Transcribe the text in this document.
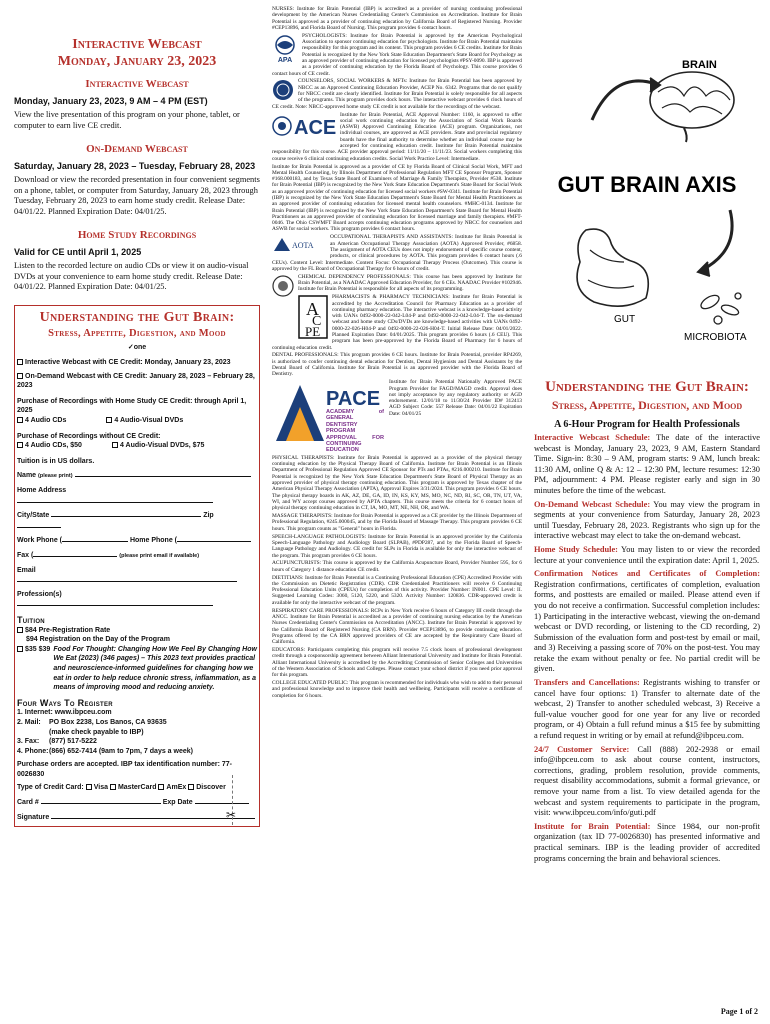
Interactive Webcast
Monday, January 23, 2023
Interactive Webcast
Monday, January 23, 2023, 9 AM – 4 PM (EST)
View the live presentation of this program on your phone, tablet, or computer to earn live CE credit.
On-Demand Webcast
Saturday, January 28, 2023 – Tuesday, February 28, 2023
Download or view the recorded presentation in four convenient segments on a phone, tablet, or computer from Saturday, January 28, 2023 through Tuesday, February 28, 2023 to earn home study credit. Release Date: 04/01/22. Planned Expiration Date: 04/01/25.
Home Study Recordings
Valid for CE until April 1, 2025
Listen to the recorded lecture on audio CDs or view it on audio-visual DVDs at your convenience to earn home study credit. Release Date: 04/01/22. Planned Expiration Date: 04/01/25.
Understanding the Gut Brain:
Stress, Appetite, Digestion, and Mood
✓one
Interactive Webcast with CE Credit: Monday, January 23, 2023
On-Demand Webcast with CE Credit: January 28, 2023 – February 28, 2023
Purchase of Recordings with Home Study CE Credit: through April 1, 2025
4 Audio CDs	4 Audio-Visual DVDs
Purchase of Recordings without CE Credit:
4 Audio CDs, $50	4 Audio-Visual DVDs, $75
Tuition is in US dollars.
Name (please print)
Home Address
City/State	Zip
Work Phone (	Home Phone (
Fax (	(please print email if available)
Email
Profession(s)
Tuition
$84 Pre-Registration Rate
$94 Registration on the Day of the Program
$35 $39 Food For Thought: Changing How We Feel By Changing How We Eat (2023) (346 pages) – This 2023 text provides practical and neuroscience-informed guidelines for changing how we eat in order to help reduce chronic stress, inflammation, as a means of improving mood and reducing anxiety.
Four Ways To Register
1. Internet: www.ibpceu.com
2. Mail: PO Box 2238, Los Banos, CA 93635
(make check payable to IBP)
3. Fax: (877) 517-5222
4. Phone:(866) 652-7414 (9am to 7pm, 7 days a week)
Purchase orders are accepted. IBP tax identification number: 77-0026830
Type of Credit Card: Visa MasterCard AmEx Discover
Card #	Exp Date
Signature	✂
NURSES: Institute for Brain Potential (IBP) is accredited as a provider of nursing continuing professional development by the American Nurses Credentialing Center's Commission on Accreditation. Institute for Brain Potential is approved as a provider of continuing education by California Board of Registered Nursing. Provider #CEP13896, and Florida Board of Nursing. This program provides 6 contact hours.
APA
PSYCHOLOGISTS: Institute for Brain Potential is approved by the American Psychological Association to sponsor continuing education for psychologists. Institute for Brain Potential maintains responsibility for this program and its content. This program provides 6 CE credits. Institute for Brain Potential is recognized by the New York State Education Department's State Board for Psychology as an approved provider of continuing education for licensed psychologists #PSY-0090. IBP is approved as a provider of continuing education by the Florida Board of Psychology. This course provides 6 contact hours of CE credit.
COUNSELORS, SOCIAL WORKERS & MFTs: Institute for Brain Potential has been approved by NBCC as an Approved Continuing Education Provider, ACEP No. 6342. Programs that do not qualify for NBCC credit are clearly identified. Institute for Brain Potential is solely responsible for all aspects of the programs. This program provides dock hours. The interactive webcast provides 6 clock hours of CE credit. Note: NBCC-approved home study CE credit is not available for the recordings of the webcast.
ACE
Institute for Brain Potential, ACE Approval Number: 1160, is approved to offer social work continuing education by the Association of Social Work Boards (ASWB) Approved Continuing Education (ACE) program. Organizations, not individual courses, are approved as ACE providers. State and provincial regulatory boards have the final authority to determine whether an individual course may be accepted for continuing education credit. Institute for Brain Potential maintains responsibility for this course. ACE provider approval period: 11/11/20 – 11/11/23. Social workers completing this course receive 6 clinical continuing education credits. Social Work Practice Level: Intermediate.
Institute for Brain Potential is approved as a provider of CE by Florida Board of Clinical Social Work, MFT and Mental Health Counseling, by Illinois Department of Professional Regulation MFT CE Sponsor Program, Sponsor #168.000183, and by Texas State Board of Examiners of Marriage & Family Therapists, Provider #538. Institute for Brain Potential (IBP) is recognized by the New York State Education Department's State Board for Social Work as an approved provider of continuing education for licensed social workers #SW-0341. Institute for Brain Potential (IBP) is recognized by the New York State Education Department's State Board for Mental Health Practitioners as an approved provider of continuing education for licensed mental health counselors. #MHC-0134. Institute for Brain Potential (IBP) is recognized by the New York State Education Department's State Board for Mental Health Practitioners as an approved provider of continuing education for licensed marriage and family therapists. #MFT-0046. The Ohio CSWMFT Board accepts continuing education programs approved by NBCC for counselors and ASWB for social workers. This program provides 6 contact hours.
AOTA
OCCUPATIONAL THERAPISTS AND ASSISTANTS: Institute for Brain Potential is an American Occupational Therapy Association (AOTA) Approved Provider, #6858. The assignment of AOTA CEUs does not imply endorsement of specific course content, products, or clinical procedures by AOTA. This program provides 6 contact hours (.6 CEUs). Content Level: Intermediate. Content Focus: Occupational Therapy Process (Outcomes). This course is approved by the FL Board of Occupational Therapy for 6 hours of credit.
CHEMICAL DEPENDENCY PROFESSIONALS: This course has been approved by Institute for Brain Potential, as a NAADAC Approved Education Provider, for 6 CEs. NAADAC Provider #102946. Institute for Brain Potential is responsible for all aspects of its programming.
A
C
PE
PHARMACISTS & PHARMACY TECHNICIANS: Institute for Brain Potential is accredited by the Accreditation Council for Pharmacy Education as a provider of continuing pharmacy education. The interactive webcast is a knowledge-based activity with UANs 0492-0000-22-042-L04-P and 0492-0000-22-042-L04-T. The on-demand webcast and home study CDs/DVDs are knowledge-based activities with UANs 0492-0000-22-026-H04-P and 0492-0000-22-026-H04-T. Initial Release Date: 04/01/2022. Planned Expiration Date: 04/01/2025. This program provides 6 hours (.6 CEU). This program has been pre-approved by the Florida Board of Pharmacy for 6 hours of continuing education credit.
DENTAL PROFESSIONALS: This program provides 6 CE hours. Institute for Brain Potential, provider RP4269, is authorized to confer continuing dental education for Dentists, Dental Hygienists and Dental Assistants by the Dental Board of California. Institute for Brain Potential is an approved provider with the Florida Board of Dentistry.
PACE
ACADEMY of GENERAL DENTISTRY PROGRAM APPROVAL FOR CONTINUING EDUCATION
Institute for Brain Potential Nationally Approved PACE Program Provider for FAGD/MAGD credit. Approval does not imply acceptance by any regulatory authority or AGD endorsement. 12/01/18 to 11/30/24 Provider ID# 312413 AGD Subject Code: 557 Release Date: 04/01/22 Expiration Date: 04/01/25
PHYSICAL THERAPISTS: Institute for Brain Potential is approved as a provider of the physical therapy continuing education by the Physical Therapy Board of California. Institute for Brain Potential is an Illinois Department of Professional Regulation Approved CE Sponsor for PTs and PTAs, #216.000210. Institute for Brain Potential is recognized by the New York State Education Department's State Board of Physical Therapy as an approved provider of physical therapy continuing education. This program is approved by Texas chapter of the American Physical Therapy Association (APTA), Approval Expires 3/31/2024. This program provides 6 CE hours. The physical therapy boards in AK, AZ, DE, GA, ID, IN, KS, KY, MS, MO, NC, ND, RI, SC, OR, TN, UT, VA, WI, and WY accept courses approved by APTA chapters. This course meets the criteria for 6 contact hours of physical therapy continuing education in CT, IA, MO, MT, NE, NH, OR, and WA.
MASSAGE THERAPISTS: Institute for Brain Potential is approved as a CE provider by the Illinois Department of Professional Regulation, #245.000045, and by the Florida Board of Massage Therapy. This program provides 6 CE hours. This program counts as "General" hours in Florida.
SPEECH-LANGUAGE PATHOLOGISTS: Institute for Brain Potential is an approved provider by the California Speech-Language Pathology and Audiology Board (SLPAB), #PDP287, and by the Florida Board of Speech-Language Pathology and Audiology. CE credit for SLPs in Florida is available for only the interactive webcast of the program. This program provides 6 CE hours.
ACUPUNCTURISTS: This course is approved by the California Acupuncture Board, Provider Number 595, for 6 hours of Category 1 distance education CE credit.
DIETITIANS: Institute for Brain Potential is a Continuing Professional Education (CPE) Accredited Provider with the Commission on Dietetic Registration (CDR). CDR Credentialed Practitioners will receive 6 Continuing Professional Education Units (CPEUs) for completion of this activity. Provider Number: IN001. CPE Level: II. Suggested Learning Codes: 3060, 5120, 5220, and 5320. Activity Number: 120836. CDR-approved credit is available for only the interactive webcast of the program.
RESPIRATORY CARE PROFESSIONALS: RCPs in New York receive 6 hours of Category III credit through the ANCC. Institute for Brain Potential is accredited as a provider of continuing nursing education by the American Nurses Credentialing Center's Commission on Accreditation (ANCC). Institute for Brain Potential is approved by the California Board of Registered Nursing (CA BRN). Provider #CEP13896, to provide continuing education. Programs offered by the CA BRN approved providers of CE are accepted by the Respiratory Care Board of California.
EDUCATORS: Participants completing this program will receive 7.5 clock hours of professional development credit through a cosponsorship agreement between Alliant International University and Institute for Brain Potential. Alliant International University is accredited by the Accrediting Commission of Senior Colleges and Universities of the Western Association of Schools and Colleges. Please contact your school district if you need prior approval for this program.
COLLEGE EDUCATED PUBLIC: This program is recommended for individuals who wish to add to their personal and professional knowledge and to improve their health and wellbeing. Participants will receive a certificate of completion for 6 hours.
BRAIN
GUT BRAIN AXIS
GUT
MICROBIOTA
Understanding the Gut Brain:
Stress, Appetite, Digestion, and Mood
A 6-Hour Program for Health Professionals
Interactive Webcast Schedule: The date of the interactive webcast is Monday, January 23, 2023, 9 AM, Eastern Standard Time. Sign-in: 8:30 – 9 AM, program starts: 9 AM, lunch break: 11:30 AM, online Q & A: 12 – 12:30 PM, lecture resumes: 12:30 PM, adjournment: 4 PM. Please register early and sign in 30 minutes before the time of the webcast.
On-Demand Webcast Schedule: You may view the program in segments at your convenience from Saturday, January 28, 2023 until Tuesday, February 28, 2023. Registrants who sign up for the interactive webcast may elect to take the on-demand webcast.
Home Study Schedule: You may listen to or view the recorded lecture at your convenience until the expiration date: April 1, 2025.
Confirmation Notices and Certificates of Completion: Registration confirmations, certificates of completion, evaluation forms, and posttests are emailed or mailed. Please attend even if you do not receive a confirmation. Successful completion includes: 1) Participating in the interactive webcast, viewing the on-demand webcast or DVD recording, or listening to the CD recording, 2) Submission of the evaluation form and post-test by email or mail, and 3) Receiving a passing score of 70% on the post-test. You may retake the exam without penalty or fee. No partial credit will be given.
Transfers and Cancellations: Registrants wishing to transfer or cancel have four options: 1) Transfer to alternate date of the webcast, 2) Transfer to another scheduled webcast, 3) Receive a full-value voucher good for one year for any live or recorded program, or 4) Obtain a full refund minus a $15 fee by submitting a refund request in writing or by email at refund@ibpceu.com.
24/7 Customer Service: Call (888) 202-2938 or email info@ibpceu.com to ask about course content, instructors, corrections, grading, problem resolution, provide comments, request disability accommodations, submit a formal grievance, or remove your name from a list. To view detailed agenda for the webcast and system requirements to participate in the program, visit: www.ibpceu.com/info/guti.pdf
Institute for Brain Potential: Since 1984, our non-profit organization (tax ID 77-0026830) has presented informative and practical seminars. IBP is the leading provider of accredited programs concerning the brain and behavioral sciences.
Page 1 of 2
